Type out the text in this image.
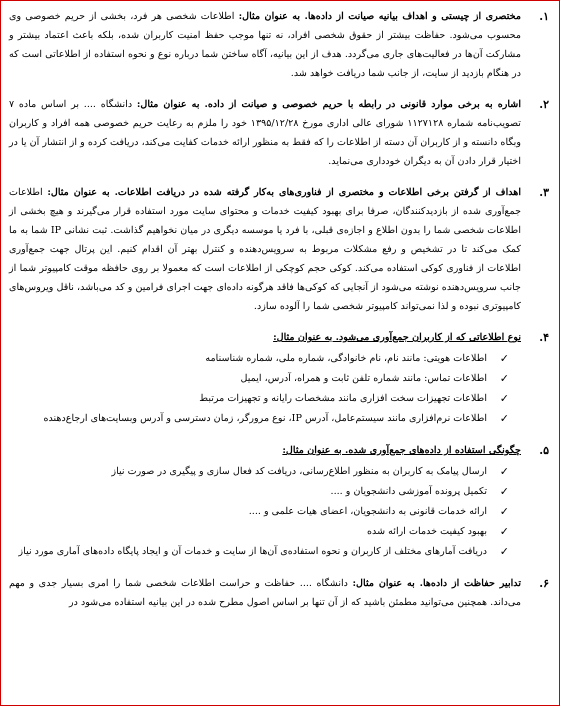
۱.

مختصری از چیستی و اهداف بیانیه صیانت از داده‌ها. به عنوان مثال: اطلاعات شخصی هر فرد، بخشی از حریم خصوصی وی محسوب می‌شود. حفاظت بیشتر از حقوق شخصی افراد، نه تنها موجب حفظ امنیت کاربران شده، بلکه باعث اعتماد بیشتر و مشارکت آن‌ها در فعالیت‌های جاری می‌گردد. هدف از این بیانیه، آگاه ساختن شما درباره نوع و نحوه استفاده از اطلاعاتی است که در هنگام بازدید از سایت، از جانب شما دریافت خواهد شد.

۲.

اشاره به برخی موارد قانونی در رابطه با حریم خصوصی و صیانت از داده. به عنوان مثال: دانشگاه .... بر اساس ماده ۷ تصویب‌نامه شماره ۱۱۲۷۱۲۸ شورای عالی اداری مورخ ۱۳۹۵/۱۲/۲۸ خود را ملزم به رعایت حریم خصوصی همه افراد و کاربران وبگاه دانسته و از کاربران آن دسته از اطلاعات را که فقط به منظور ارائه خدمات کفایت می‌کند، دریافت کرده و از انتشار آن یا در اختیار قرار دادن آن به دیگران خودداری می‌نماید.

۳.

اهداف از گرفتن برخی اطلاعات و مختصری از فناوری‌های به‌کار گرفته شده در دریافت اطلاعات. به عنوان مثال: اطلاعات جمع‌آوری شده از بازدیدکنندگان، صرفا برای بهبود کیفیت خدمات و محتوای سایت مورد استفاده قرار می‌گیرند و هیچ بخشی از اطلاعات شخصی شما را بدون اطلاع و اجازه‌ی قبلی، با فرد یا موسسه دیگری در میان نخواهیم گذاشت. ثبت نشانی IP شما به ما کمک می‌کند تا در تشخیص و رفع مشکلات مربوط به سرویس‌دهنده و کنترل بهتر آن اقدام کنیم. این پرتال جهت جمع‌آوری اطلاعات از فناوری کوکی استفاده می‌کند. کوکی حجم کوچکی از اطلاعات است که معمولا بر روی حافظه موقت کامپیوتر شما از جانب سرویس‌دهنده نوشته می‌شود از آنجایی که کوکی‌ها فاقد هرگونه داده‌ای جهت اجرای فرامین و کد می‌باشد، ناقل ویروس‌های کامپیوتری نبوده و لذا نمی‌تواند کامپیوتر شخصی شما را آلوده سازد.

۴.
نوع اطلاعاتی که از کاربران جمع‌آوری می‌شود. به عنوان مثال:
✓
اطلاعات هویتی: مانند نام، نام خانوادگی، شماره ملی، شماره شناسنامه
✓
اطلاعات تماس: مانند شماره تلفن ثابت و همراه، آدرس، ایمیل
✓
اطلاعات تجهیزات سخت افزاری مانند مشخصات رایانه و تجهیزات مرتبط
✓
اطلاعات نرم‌افزاری مانند سیستم‌عامل، آدرس IP، نوع مرورگر، زمان دسترسی و آدرس وبسایت‌های ارجاع‌دهنده
۵.
چگونگی استفاده از داده‌های جمع‌آوری شده. به عنوان مثال:
✓
ارسال پیامک به کاربران به منظور اطلاع‌رسانی، دریافت کد فعال سازی و پیگیری در صورت نیاز
✓
تکمیل پرونده آموزشی دانشجویان و ....
✓
ارائه خدمات قانونی به دانشجویان، اعضای هیات علمی و ....
✓
بهبود کیفیت خدمات ارائه شده
✓
دریافت آمارهای مختلف از کاربران و نحوه استفاده‌ی آن‌ها از سایت و خدمات آن و ایجاد پایگاه داده‌های آماری مورد نیاز
۶.

تدابیر حفاظت از داده‌ها. به عنوان مثال: دانشگاه .... حفاظت و حراست اطلاعات شخصی شما را امری بسیار جدی و مهم می‌داند. همچنین می‌توانید مطمئن باشید که از آن تنها بر اساس اصول مطرح شده در این بیانیه استفاده می‌شود در
